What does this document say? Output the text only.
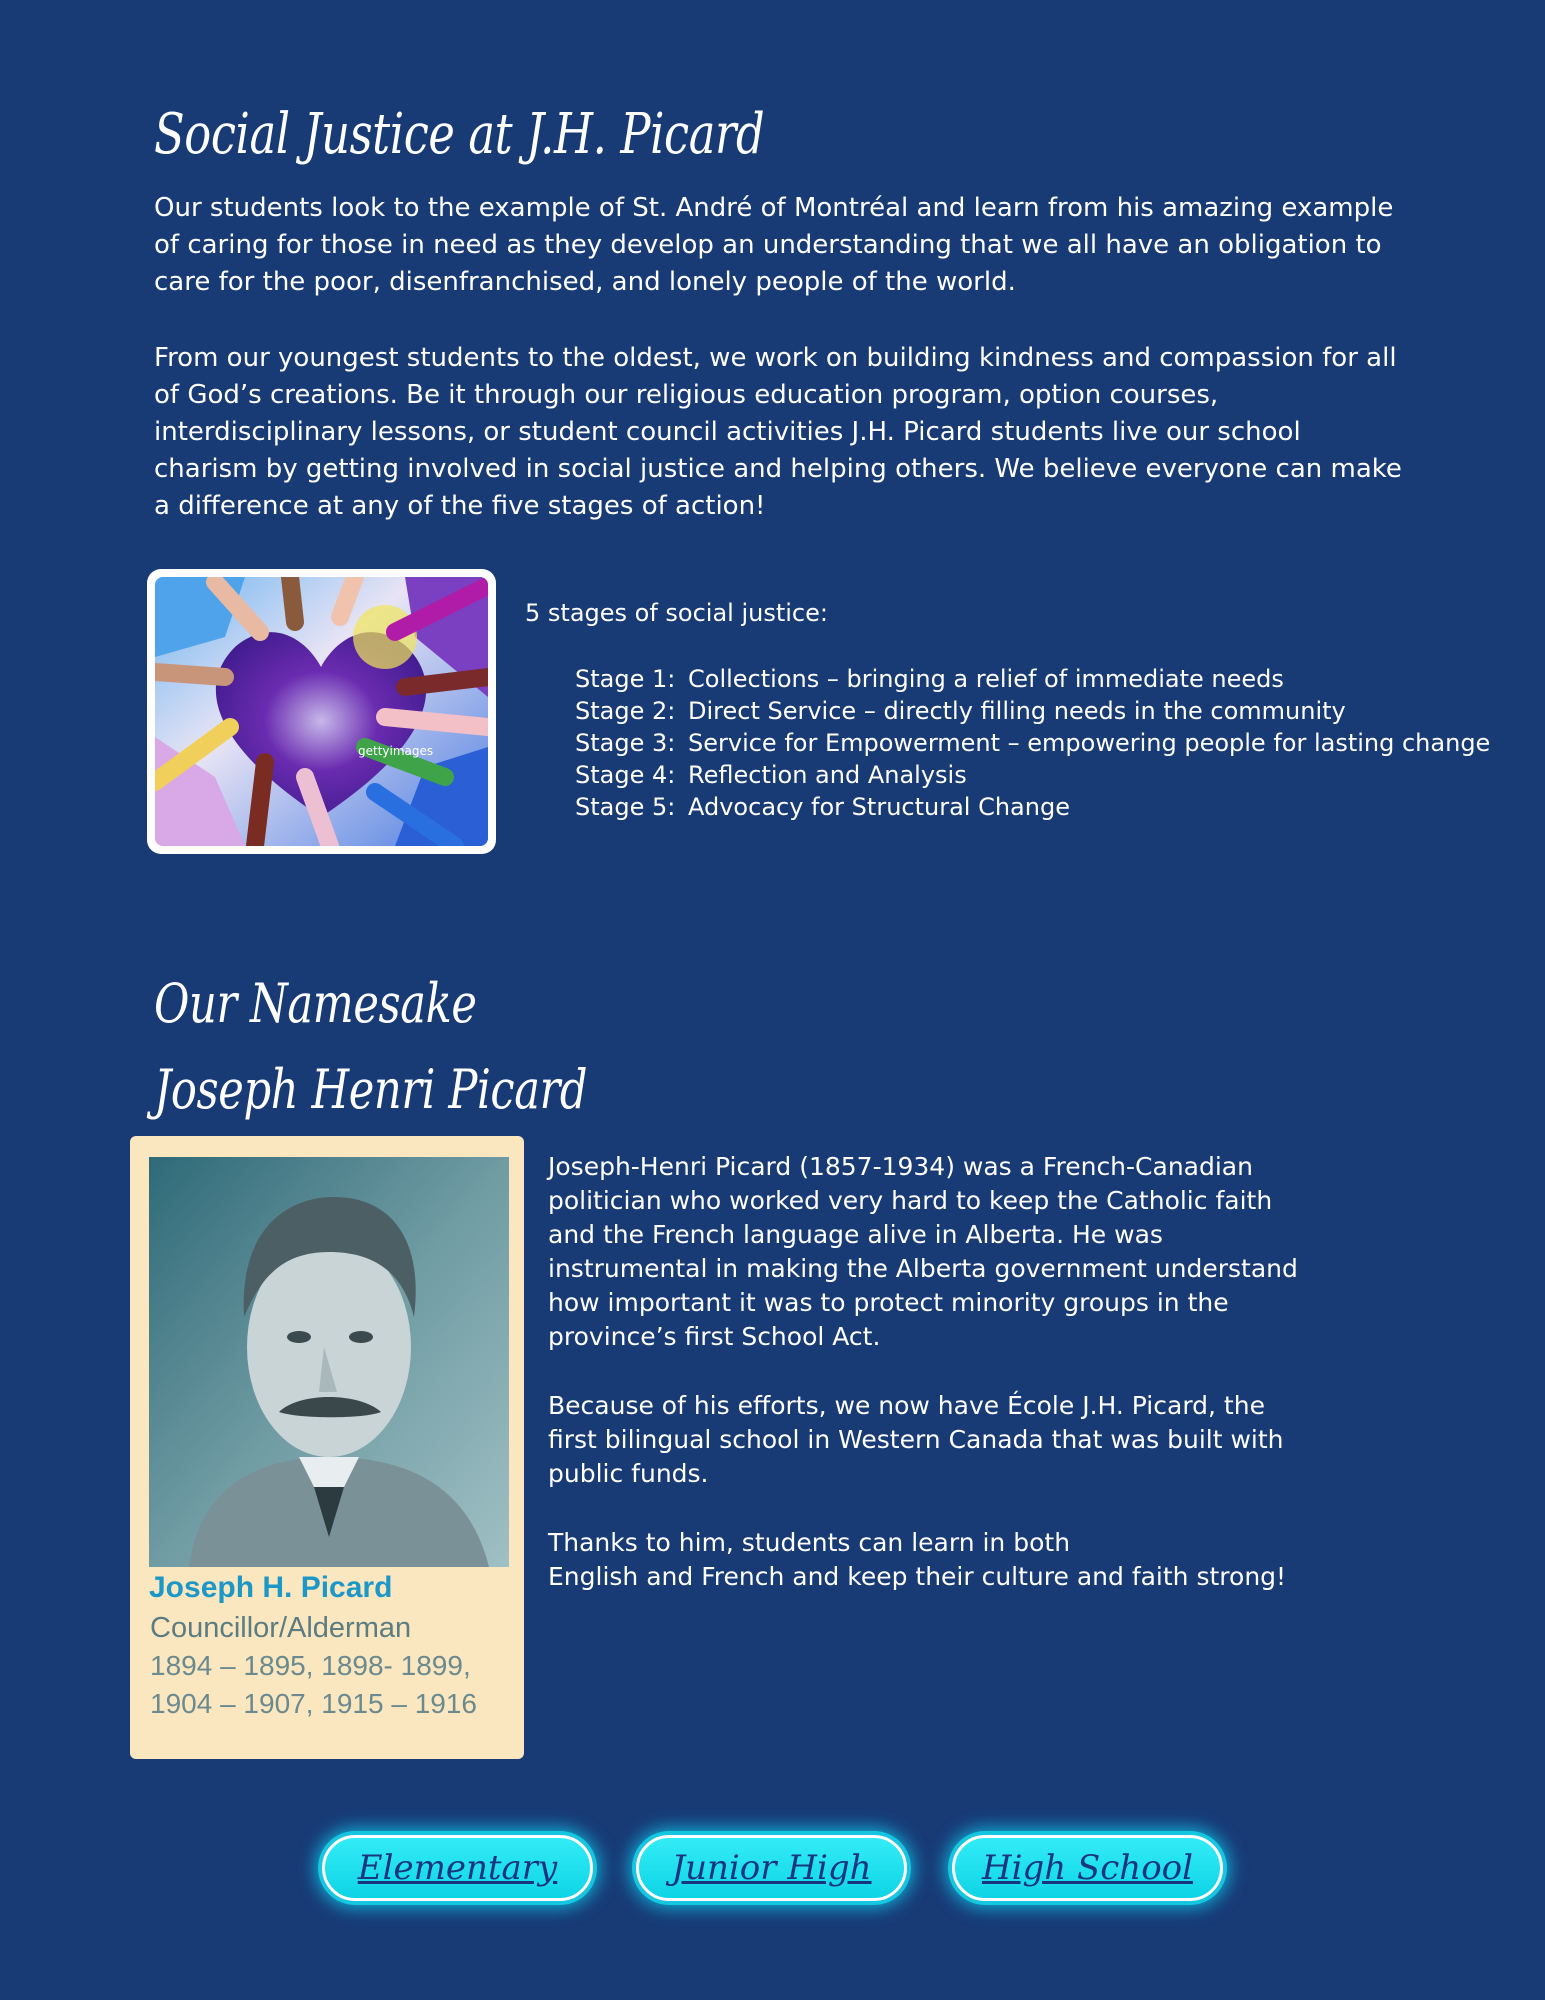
Social Justice at J.H. Picard

Our students look to the example of St. André of Montréal and learn from his amazing example of caring for those in need as they develop an understanding that we all have an obligation to care for the poor, disenfranchised, and lonely people of the world.

From our youngest students to the oldest, we work on building kindness and compassion for all of God’s creations. Be it through our religious education program, option courses, interdisciplinary lessons, or student council activities J.H. Picard students live our school charism by getting involved in social justice and helping others. We believe everyone can make a difference at any of the five stages of action!

gettyimages

5 stages of social justice:

Stage 1: Collections – bringing a relief of immediate needs
Stage 2: Direct Service – directly filling needs in the community
Stage 3: Service for Empowerment – empowering people for lasting change
Stage 4: Reflection and Analysis
Stage 5: Advocacy for Structural Change
Our Namesake
Joseph Henri Picard

Joseph H. Picard

Councillor/Alderman

1894 – 1895, 1898- 1899,

1904 – 1907, 1915 – 1916

Joseph-Henri Picard (1857-1934) was a French-Canadian politician who worked very hard to keep the Catholic faith and the French language alive in Alberta. He was instrumental in making the Alberta government understand how important it was to protect minority groups in the province’s first School Act.

Because of his efforts, we now have École J.H. Picard, the first bilingual school in Western Canada that was built with public funds.

Thanks to him, students can learn in both
English and French and keep their culture and faith strong!

Elementary	Junior High	High School
